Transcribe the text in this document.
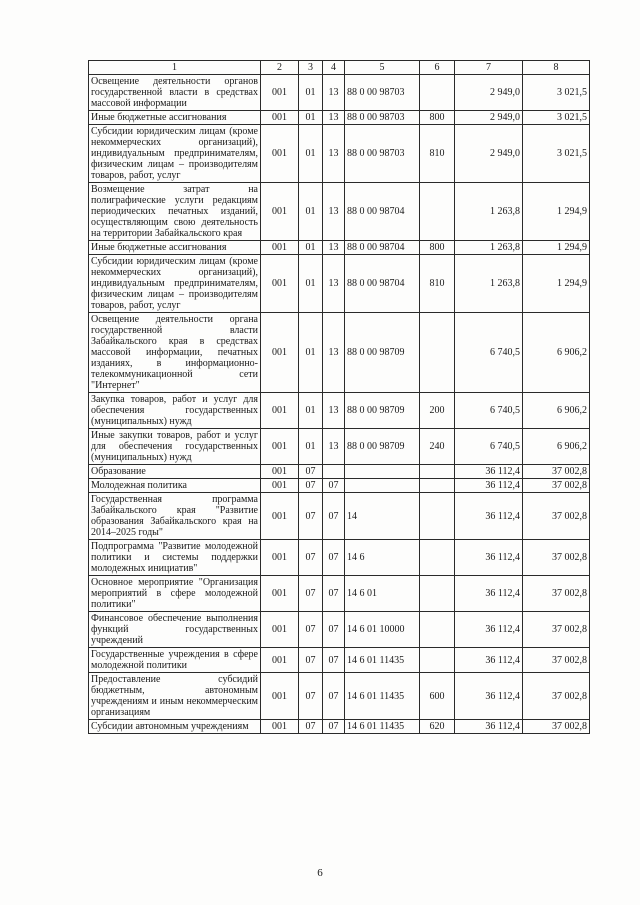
1	2	3	4	5	6	7	8
Освещение деятельности органов государственной власти в средствах массовой информации	001	01	13	88 0 00 98703		2 949,0	3 021,5
Иные бюджетные ассигнования	001	01	13	88 0 00 98703	800	2 949,0	3 021,5
Субсидии юридическим лицам (кроме некоммерческих организаций), индивидуальным предпринимателям, физическим лицам – производителям товаров, работ, услуг	001	01	13	88 0 00 98703	810	2 949,0	3 021,5
Возмещение затрат на полиграфические услуги редакциям периодических печатных изданий, осуществляющим свою деятельность на территории Забайкальского края	001	01	13	88 0 00 98704		1 263,8	1 294,9
Иные бюджетные ассигнования	001	01	13	88 0 00 98704	800	1 263,8	1 294,9
Субсидии юридическим лицам (кроме некоммерческих организаций), индивидуальным предпринимателям, физическим лицам – производителям товаров, работ, услуг	001	01	13	88 0 00 98704	810	1 263,8	1 294,9
Освещение деятельности органа государственной власти Забайкальского края в средствах массовой информации, печатных изданиях, в информационно-телекоммуникационной сети "Интернет"	001	01	13	88 0 00 98709		6 740,5	6 906,2
Закупка товаров, работ и услуг для обеспечения государственных (муниципальных) нужд	001	01	13	88 0 00 98709	200	6 740,5	6 906,2
Иные закупки товаров, работ и услуг для обеспечения государственных (муниципальных) нужд	001	01	13	88 0 00 98709	240	6 740,5	6 906,2
Образование	001	07				36 112,4	37 002,8
Молодежная политика	001	07	07			36 112,4	37 002,8
Государственная программа Забайкальского края "Развитие образования Забайкальского края на 2014–2025 годы"	001	07	07	14		36 112,4	37 002,8
Подпрограмма "Развитие молодежной политики и системы поддержки молодежных инициатив"	001	07	07	14 6		36 112,4	37 002,8
Основное мероприятие "Организация мероприятий в сфере молодежной политики"	001	07	07	14 6 01		36 112,4	37 002,8
Финансовое обеспечение выполнения функций государственных учреждений	001	07	07	14 6 01 10000		36 112,4	37 002,8
Государственные учреждения в сфере молодежной политики	001	07	07	14 6 01 11435		36 112,4	37 002,8
Предоставление субсидий бюджетным, автономным учреждениям и иным некоммерческим организациям	001	07	07	14 6 01 11435	600	36 112,4	37 002,8
Субсидии автономным учреждениям	001	07	07	14 6 01 11435	620	36 112,4	37 002,8
6
